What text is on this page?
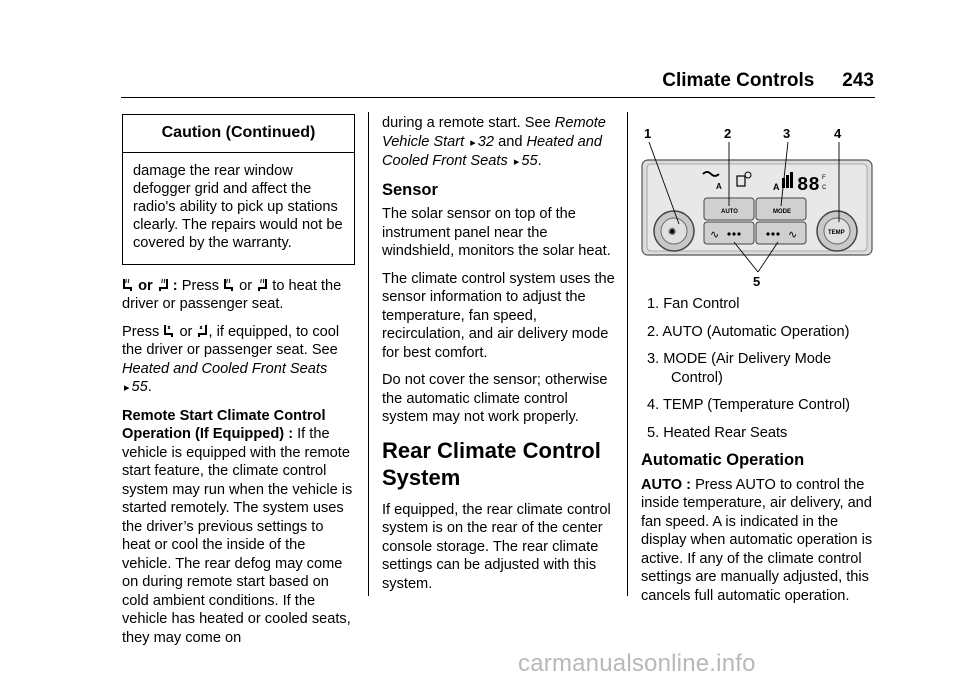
Climate Controls 243
Caution (Continued)
damage the rear window defogger grid and affect the radio's ability to pick up stations clearly. The repairs would not be covered by the warranty.

or : Press or to heat the driver or passenger seat.

Press or , if equipped, to cool the driver or passenger seat. See Heated and Cooled Front Seats ▸ 55.

Remote Start Climate Control Operation (If Equipped) : If the vehicle is equipped with the remote start feature, the climate control system may run when the vehicle is started remotely. The system uses the driver’s previous settings to heat or cool the inside of the vehicle. The rear defog may come on during remote start based on cold ambient conditions. If the vehicle has heated or cooled seats, they may come on

during a remote start. See Remote Vehicle Start ▸ 32 and Heated and Cooled Front Seats ▸ 55.

Sensor

The solar sensor on top of the instrument panel near the windshield, monitors the solar heat.

The climate control system uses the sensor information to adjust the temperature, fan speed, recirculation, and air delivery mode for best comfort.

Do not cover the sensor; otherwise the automatic climate control system may not work properly.

Rear Climate Control System

If equipped, the rear climate control system is on the rear of the center console storage. The rear climate settings can be adjusted with this system.

1	2	3	4
5
A	A 88 F
C
✺	TEMP
AUTO	MODE
∿	∿
1. Fan Control
2. AUTO (Automatic Operation)
3. MODE (Air Delivery Mode Control)
4. TEMP (Temperature Control)
5. Heated Rear Seats
Automatic Operation

AUTO : Press AUTO to control the inside temperature, air delivery, and fan speed. A is indicated in the display when automatic operation is active. If any of the climate control settings are manually adjusted, this cancels full automatic operation.

carmanualsonline.info
